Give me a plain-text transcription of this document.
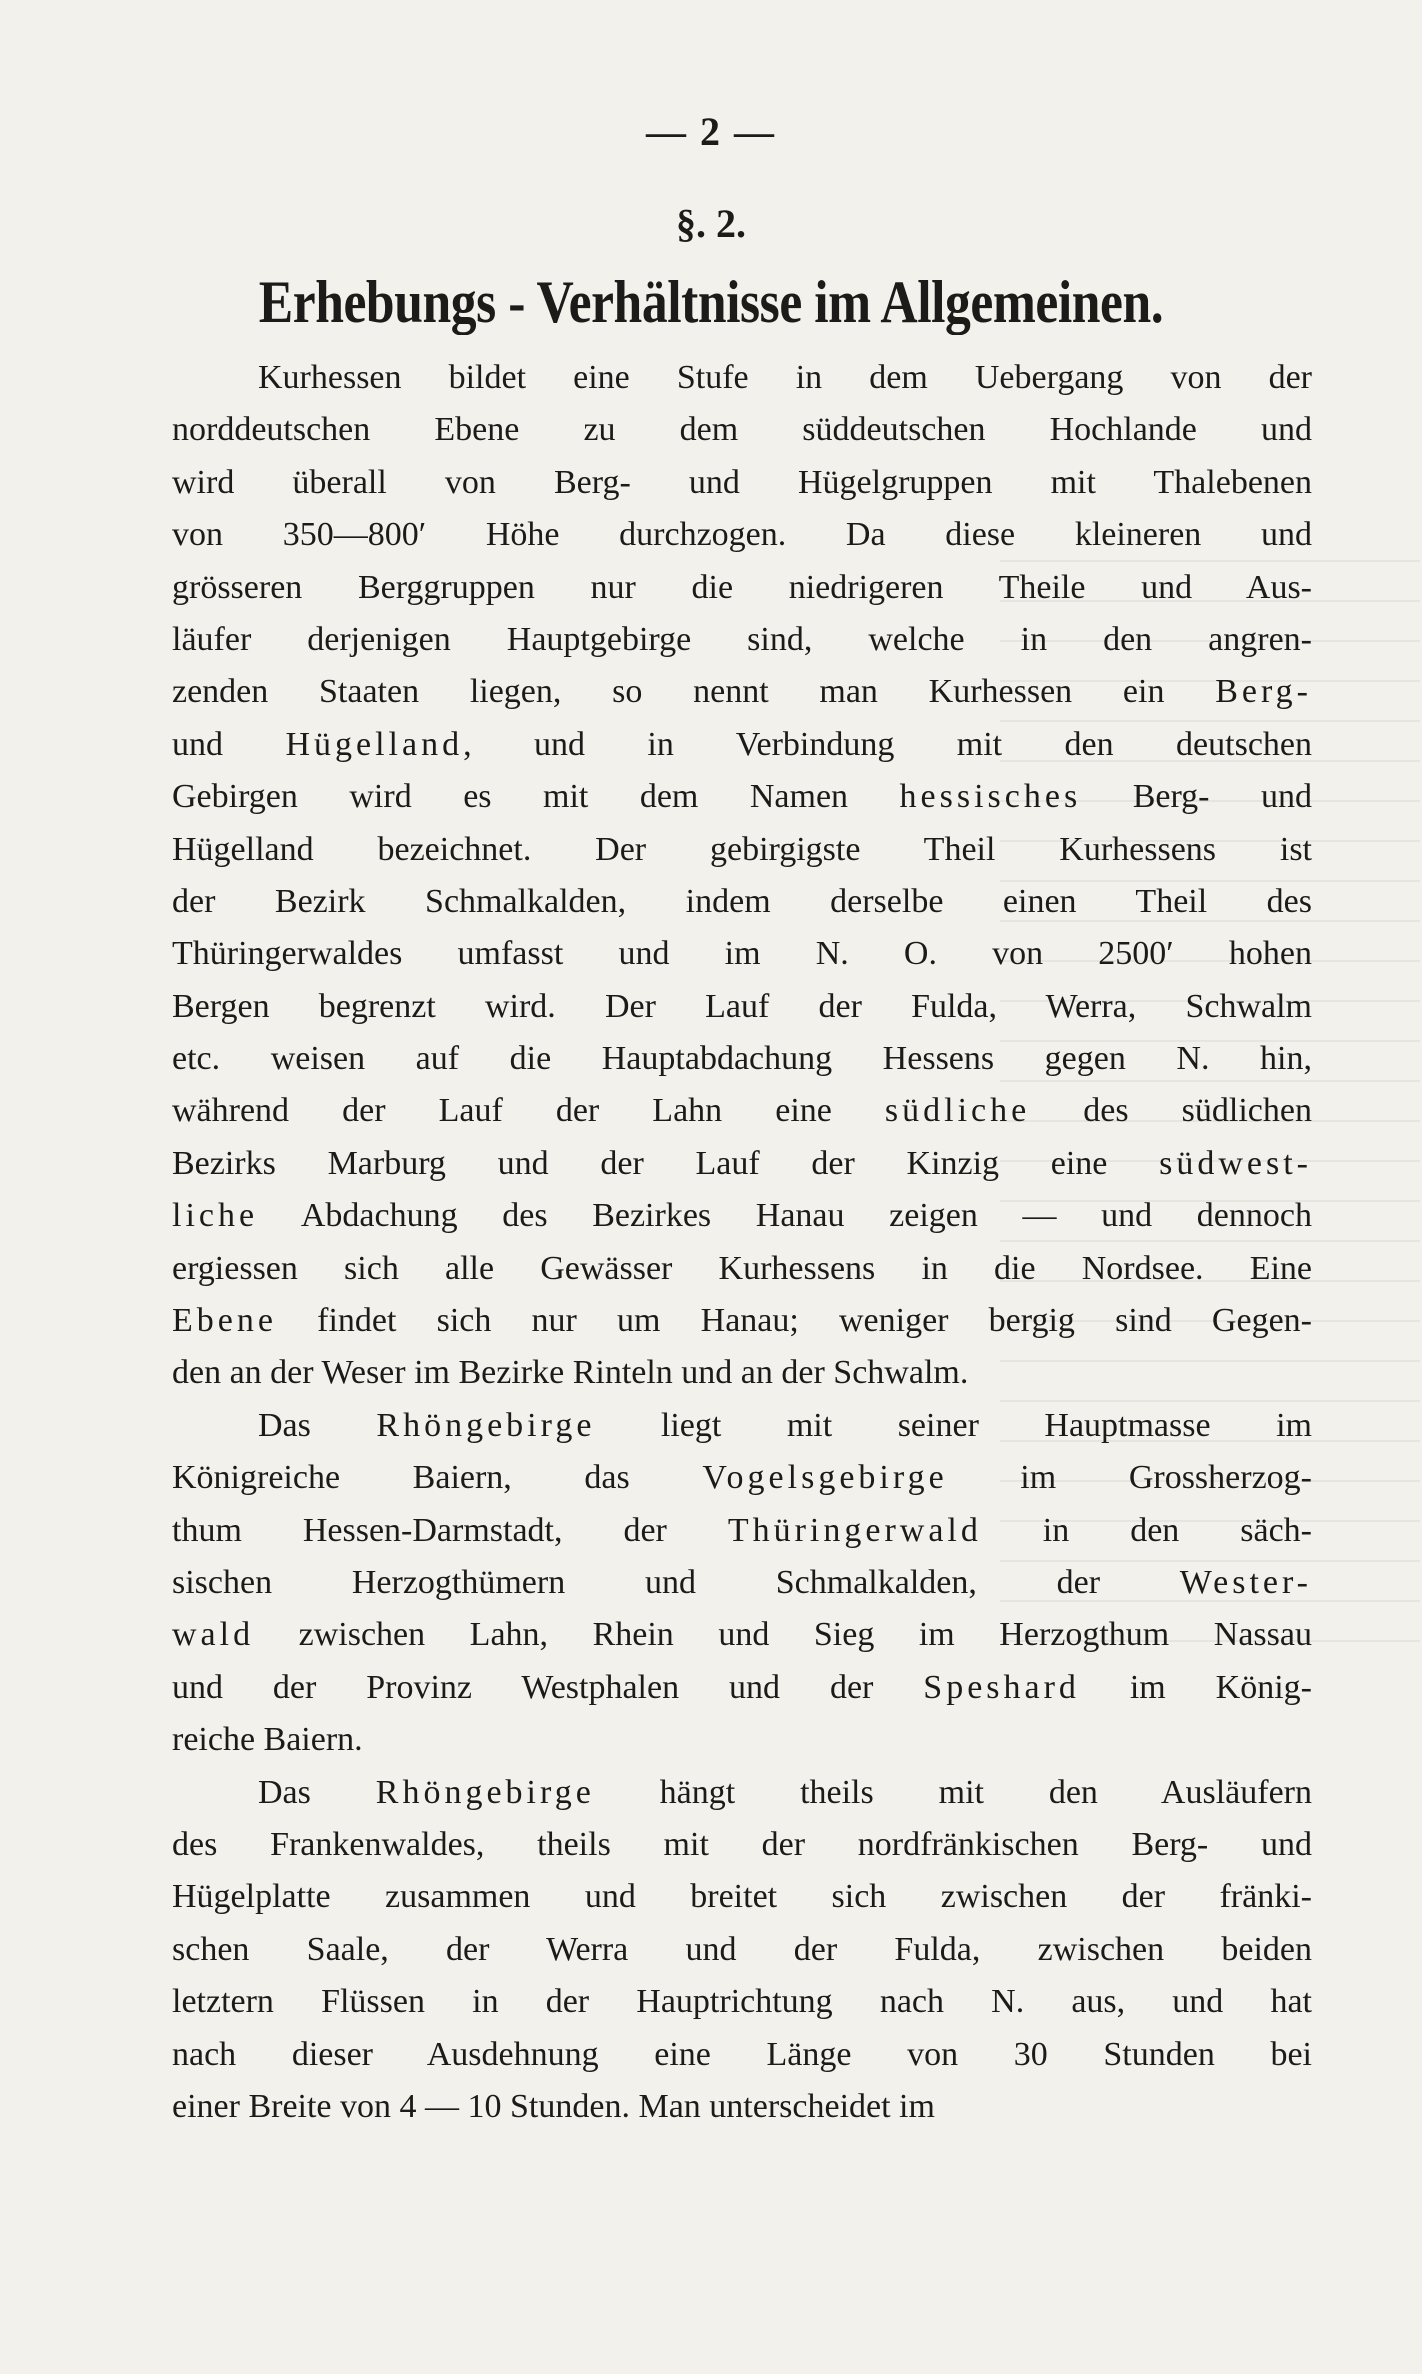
— 2 —
§. 2.
Erhebungs - Verhältnisse im Allgemeinen.
Kurhessen bildet eine Stufe in dem Uebergang von der
norddeutschen Ebene zu dem süddeutschen Hochlande und
wird überall von Berg- und Hügelgruppen mit Thalebenen
von 350—800′ Höhe durchzogen. Da diese kleineren und
grösseren Berggruppen nur die niedrigeren Theile und Aus-
läufer derjenigen Hauptgebirge sind, welche in den angren-
zenden Staaten liegen, so nennt man Kurhessen ein Berg-
und Hügelland, und in Verbindung mit den deutschen
Gebirgen wird es mit dem Namen hessisches Berg- und
Hügelland bezeichnet. Der gebirgigste Theil Kurhessens ist
der Bezirk Schmalkalden, indem derselbe einen Theil des
Thüringerwaldes umfasst und im N. O. von 2500′ hohen
Bergen begrenzt wird. Der Lauf der Fulda, Werra, Schwalm
etc. weisen auf die Hauptabdachung Hessens gegen N. hin,
während der Lauf der Lahn eine südliche des südlichen
Bezirks Marburg und der Lauf der Kinzig eine südwest-
liche Abdachung des Bezirkes Hanau zeigen — und dennoch
ergiessen sich alle Gewässer Kurhessens in die Nordsee. Eine
Ebene findet sich nur um Hanau; weniger bergig sind Gegen-
den an der Weser im Bezirke Rinteln und an der Schwalm.
Das Rhöngebirge liegt mit seiner Hauptmasse im
Königreiche Baiern, das Vogelsgebirge im Grossherzog-
thum Hessen-Darmstadt, der Thüringerwald in den säch-
sischen Herzogthümern und Schmalkalden, der Wester-
wald zwischen Lahn, Rhein und Sieg im Herzogthum Nassau
und der Provinz Westphalen und der Speshard im König-
reiche Baiern.
Das Rhöngebirge hängt theils mit den Ausläufern
des Frankenwaldes, theils mit der nordfränkischen Berg- und
Hügelplatte zusammen und breitet sich zwischen der fränki-
schen Saale, der Werra und der Fulda, zwischen beiden
letztern Flüssen in der Hauptrichtung nach N. aus, und hat
nach dieser Ausdehnung eine Länge von 30 Stunden bei
einer Breite von 4 — 10 Stunden. Man unterscheidet im
